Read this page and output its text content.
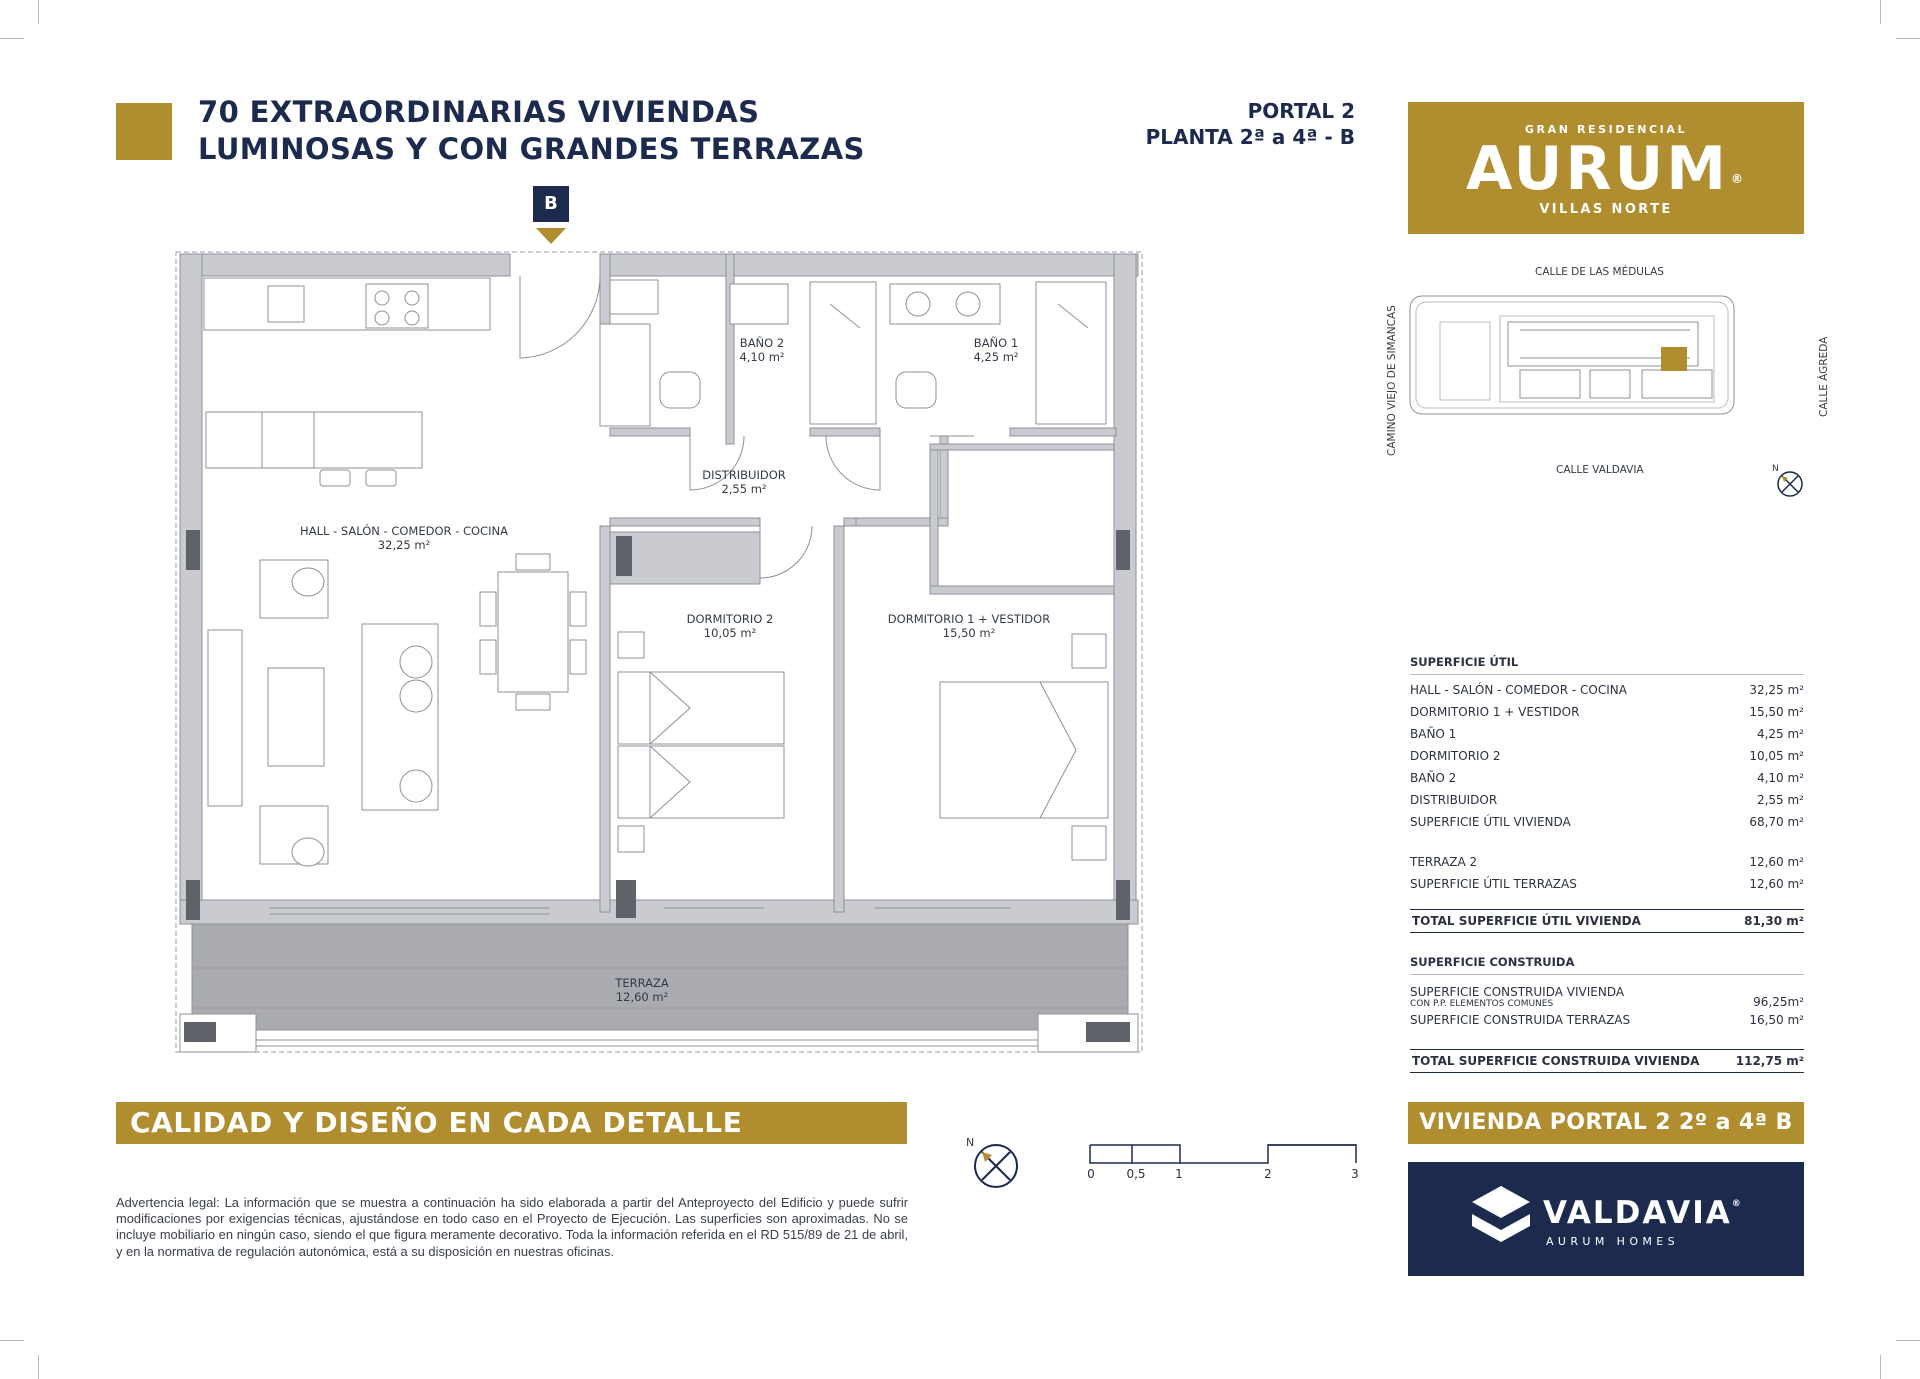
70 EXTRAORDINARIAS VIVIENDAS
LUMINOSAS Y CON GRANDES TERRAZAS
PORTAL 2
PLANTA 2ª a 4ª - B	GRAN RESIDENCIAL
AURUM ®
VILLAS NORTE
B
HALL - SALÓN - COMEDOR - COCINA
32,25 m²
BAÑO 2
4,10 m²
BAÑO 1
4,25 m²
DISTRIBUIDOR
2,55 m²
DORMITORIO 2
10,05 m²
DORMITORIO 1 + VESTIDOR
15,50 m²
TERRAZA
12,60 m²
CALLE DE LAS MÉDULAS
CALLE VALDAVIA
CAMINO VIEJO DE SIMANCAS	CALLE ÁGREDA
N
SUPERFICIE ÚTIL
HALL - SALÓN - COMEDOR - COCINA	32,25 m²
DORMITORIO 1 + VESTIDOR	15,50 m²
BAÑO 1	4,25 m²
DORMITORIO 2	10,05 m²
BAÑO 2	4,10 m²
DISTRIBUIDOR	2,55 m²
SUPERFICIE ÚTIL VIVIENDA	68,70 m²
TERRAZA 2	12,60 m²
SUPERFICIE ÚTIL TERRAZAS	12,60 m²
TOTAL SUPERFICIE ÚTIL VIVIENDA	81,30 m²
SUPERFICIE CONSTRUIDA
SUPERFICIE CONSTRUIDA VIVIENDA
CON P.P. ELEMENTOS COMUNES	96,25m²
SUPERFICIE CONSTRUIDA TERRAZAS	16,50 m²
TOTAL SUPERFICIE CONSTRUIDA VIVIENDA	112,75 m²
CALIDAD Y DISEÑO EN CADA DETALLE	VIVIENDA PORTAL 2 2º a 4ª B
N
0	0,5 1	2	3
Advertencia legal: La información que se muestra a continuación ha sido elaborada a partir del Anteproyecto del Edificio y puede sufrir modificaciones por exigencias técnicas, ajustándose en todo caso en el Proyecto de Ejecución. Las superficies son aproximadas. No se incluye mobiliario en ningún caso, siendo el que figura meramente decorativo. Toda la información referida en el RD 515/89 de 21 de abril, y en la normativa de regulación autonómica, está a su disposición en nuestras oficinas.
VALDAVIA®
AURUM HOMES
